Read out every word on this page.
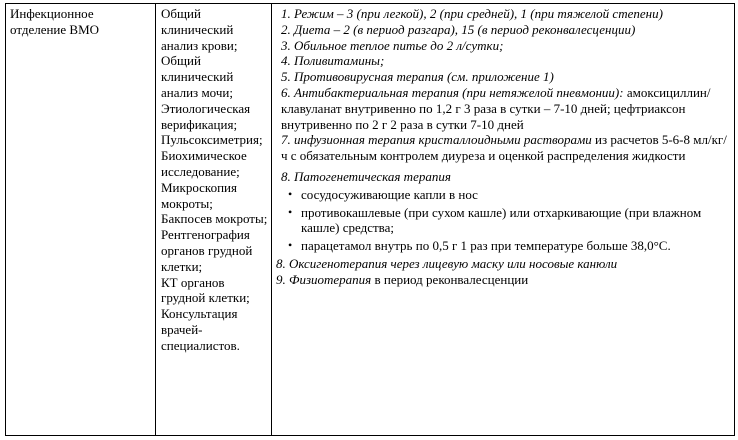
Инфекционное отделение ВМО
Общий клинический анализ крови;
Общий клинический анализ мочи;
Этиологическая верификация;
Пульсоксиметрия;
Биохимическое исследование;
Микроскопия мокроты;
Бакпосев мокроты;
Рентгенография органов грудной клетки;
КТ органов грудной клетки;
Консультация врачей-специалистов.
1. Режим – 3 (при легкой), 2 (при средней), 1 (при тяжелой степени)
2. Диета – 2 (в период разгара), 15 (в период реконвалесценции)
3. Обильное теплое питье до 2 л/сутки;
4. Поливитамины;
5. Противовирусная терапия (см. приложение 1)
6. Антибактериальная терапия (при нетяжелой пневмонии): амоксициллин/клавуланат внутривенно по 1,2 г 3 раза в сутки – 7-10 дней; цефтриаксон внутривенно по 2 г 2 раза в сутки 7-10 дней
7. инфузионная терапия кристаллоидными растворами из расчетов 5-6-8 мл/кг/ч с обязательным контролем диуреза и оценкой распределения жидкости
8. Патогенетическая терапия
• сосудосуживающие капли в нос
• противокашлевые (при сухом кашле) или отхаркивающие (при влажном кашле) средства;
• парацетамол внутрь по 0,5 г 1 раз при температуре больше 38,0°С.
8. Оксигенотерапия через лицевую маску или носовые канюли
9. Физиотерапия в период реконвалесценции
